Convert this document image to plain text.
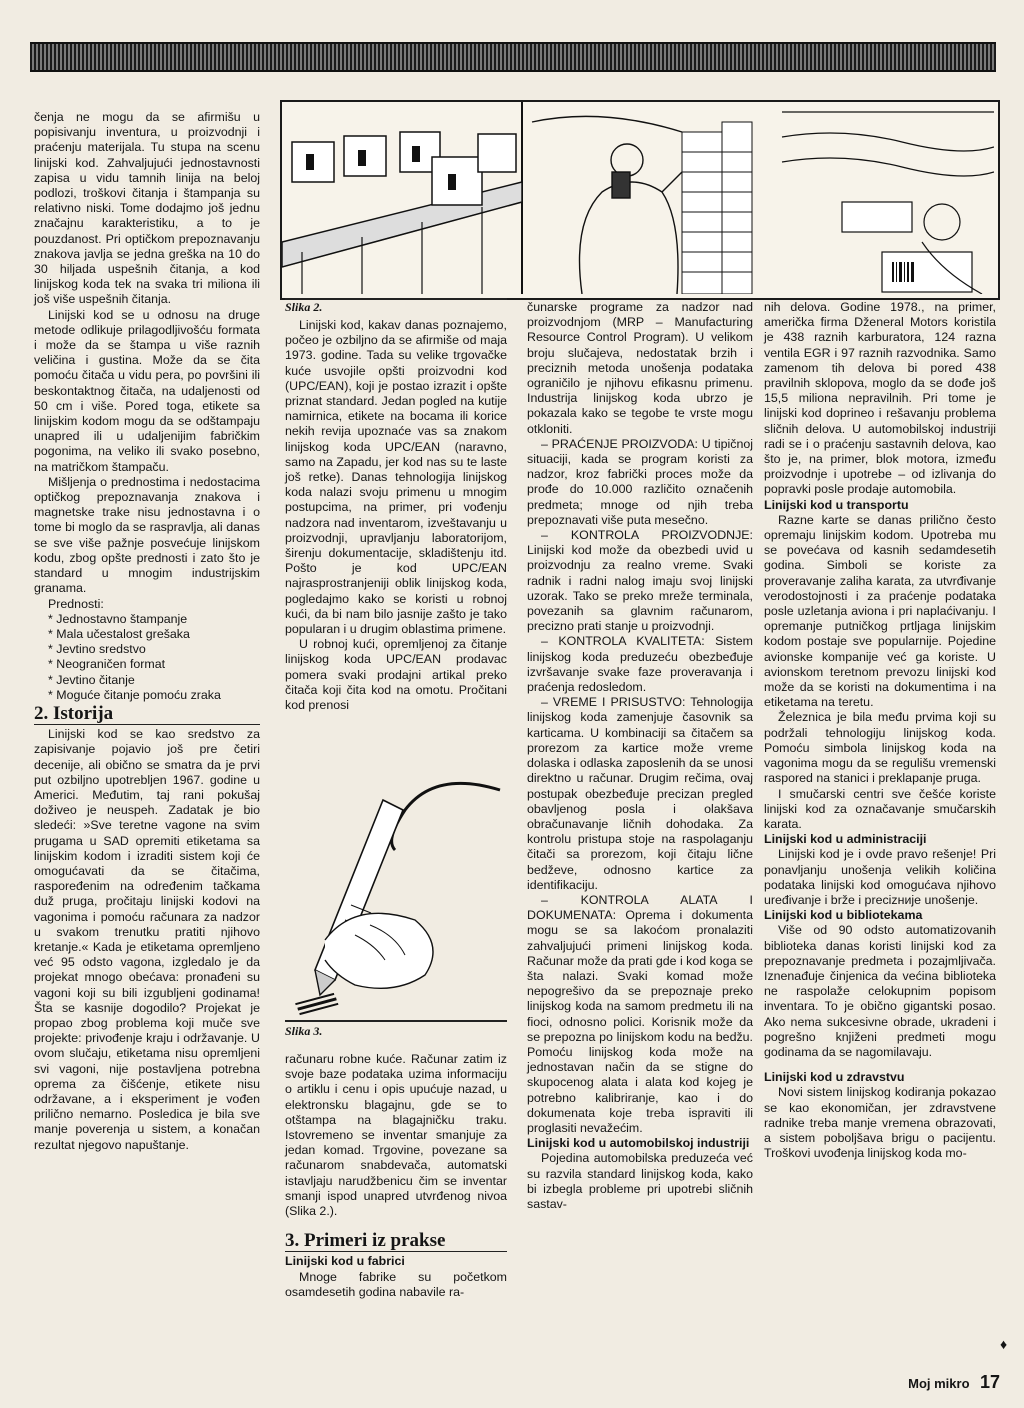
Slika 2.

čenja ne mogu da se afirmišu u popisivanju inventura, u proizvodnji i praćenju materijala. Tu stupa na scenu linijski kod. Zahvaljujući jednostavnosti zapisa u vidu tamnih linija na beloj podlozi, troškovi čitanja i štampanja su relativno niski. Tome dodajmo još jednu značajnu karakteristiku, a to je pouzdanost. Pri optičkom prepoznavanju znakova javlja se jedna greška na 10 do 30 hiljada uspešnih čitanja, a kod linijskog koda tek na svaka tri miliona ili još više uspešnih čitanja.

Linijski kod se u odnosu na druge metode odlikuje prilagodljivošću formata i može da se štampa u više raznih veličina i gustina. Može da se čita pomoću čitača u vidu pera, po površini ili beskontaktnog čitača, na udaljenosti od 50 cm i više. Pored toga, etikete sa linijskim kodom mogu da se odštampaju unapred ili u udaljenijim fabričkim pogonima, na veliko ili svako posebno, na matričkom štampaču.

Mišljenja o prednostima i nedostacima optičkog prepoznavanja znakova i magnetske trake nisu jednostavna i o tome bi moglo da se raspravlja, ali danas se sve više pažnje posvećuje linijskom kodu, zbog opšte prednosti i zato što je standard u mnogim industrijskim granama.

Prednosti:

* Jednostavno štampanje
* Mala učestalost grešaka
* Jevtino sredstvo
* Neograničen format
* Jevtino čitanje
* Moguće čitanje pomoću zraka
2. Istorija

Linijski kod se kao sredstvo za zapisivanje pojavio još pre četiri decenije, ali obično se smatra da je prvi put ozbiljno upotrebljen 1967. godine u Americi. Međutim, taj rani pokušaj doživeo je neuspeh. Zadatak je bio sledeći: »Sve teretne vagone na svim prugama u SAD opremiti etiketama sa linijskim kodom i izraditi sistem koji će omogućavati da se čitačima, raspoređenim na određenim tačkama duž pruga, pročitaju linijski kodovi na vagonima i pomoću računara za nadzor u svakom trenutku pratiti njihovo kretanje.« Kada je etiketama opremljeno već 95 odsto vagona, izgledalo je da projekat mnogo obećava: pronađeni su vagoni koji su bili izgubljeni godinama! Šta se kasnije dogodilo? Projekat je propao zbog problema koji muče sve projekte: privođenje kraju i održavanje. U ovom slučaju, etiketama nisu opremljeni svi vagoni, nije postavljena potrebna oprema za čišćenje, etikete nisu održavane, a i eksperiment je vođen prilično nemarno. Posledica je bila sve manje poverenja u sistem, a konačan rezultat njegovo napuštanje.

Linijski kod, kakav danas poznajemo, počeo je ozbiljno da se afirmiše od maja 1973. godine. Tada su velike trgovačke kuće usvojile opšti proizvodni kod (UPC/EAN), koji je postao izrazit i opšte priznat standard. Jedan pogled na kutije namirnica, etikete na bocama ili korice nekih revija upoznaće vas sa znakom linijskog koda UPC/EAN (naravno, samo na Zapadu, jer kod nas su te laste još retke). Danas tehnologija linijskog koda nalazi svoju primenu u mnogim postupcima, na primer, pri vođenju nadzora nad inventarom, izveštavanju u proizvodnji, upravljanju laboratorijom, širenju dokumentacije, skladištenju itd. Pošto je kod UPC/EAN najrasprostranjeniji oblik linijskog koda, pogledajmo kako se koristi u robnoj kući, da bi nam bilo jasnije zašto je tako popularan i u drugim oblastima primene.

U robnoj kući, opremljenoj za čitanje linijskog koda UPC/EAN prodavac pomera svaki prodajni artikal preko čitača koji čita kod na omotu. Pročitani kod prenosi

Slika 3.

računaru robne kuće. Računar zatim iz svoje baze podataka uzima informaciju o artiklu i cenu i opis upućuje nazad, u elektronsku blagajnu, gde se to otštampa na blagajničku traku. Istovremeno se inventar smanjuje za jedan komad. Trgovine, povezane sa računarom snabdevača, automatski istavljaju narudžbenicu čim se inventar smanji ispod unapred utvrđenog nivoa (Slika 2.).

3. Primeri iz prakse

Linijski kod u fabrici

Mnoge fabrike su početkom osamdesetih godina nabavile ra-

čunarske programe za nadzor nad proizvodnjom (MRP – Manufacturing Resource Control Program). U velikom broju slučajeva, nedostatak brzih i preciznih metoda unošenja podataka ograničilo je njihovu efikasnu primenu. Industrija linijskog koda ubrzo je pokazala kako se tegobe te vrste mogu otkloniti.

– PRAĆENJE PROIZVODA: U tipičnoj situaciji, kada se program koristi za nadzor, kroz fabrički proces može da prođe do 10.000 različito označenih predmeta; mnoge od njih treba prepoznavati više puta mesečno.

– KONTROLA PROIZVODNJE: Linijski kod može da obezbedi uvid u proizvodnju za realno vreme. Svaki radnik i radni nalog imaju svoj linijski uzorak. Tako se preko mreže terminala, povezanih sa glavnim računarom, precizno prati stanje u proizvodnji.

– KONTROLA KVALITETA: Sistem linijskog koda preduzeću obezbeđuje izvršavanje svake faze proveravanja i praćenja redosledom.

– VREME I PRISUSTVO: Tehnologija linijskog koda zamenjuje časovnik sa karticama. U kombinaciji sa čitačem sa prorezom za kartice može vreme dolaska i odlaska zaposlenih da se unosi direktno u računar. Drugim rečima, ovaj postupak obezbeđuje precizan pregled obavljenog posla i olakšava obračunavanje ličnih dohodaka. Za kontrolu pristupa stoje na raspolaganju čitači sa prorezom, koji čitaju lične bedževe, odnosno kartice za identifikaciju.

– KONTROLA ALATA I DOKUMENATA: Oprema i dokumenta mogu se sa lakoćom pronalaziti zahvaljujući primeni linijskog koda. Računar može da prati gde i kod koga se šta nalazi. Svaki komad može nepogrešivo da se prepoznaje preko linijskog koda na samom predmetu ili na fioci, odnosno polici. Korisnik može da se prepozna po linijskom kodu na bedžu. Pomoću linijskog koda može na jednostavan način da se stigne do skupocenog alata i alata kod kojeg je potrebno kalibriranje, kao i do dokumenata koje treba ispraviti ili proglasiti nevažećim.

Linijski kod u automobilskoj industriji

Pojedina automobilska preduzeća već su razvila standard linijskog koda, kako bi izbegla probleme pri upotrebi sličnih sastav-

nih delova. Godine 1978., na primer, američka firma Dženeral Motors koristila je 438 raznih karburatora, 124 razna ventila EGR i 97 raznih razvodnika. Samo zamenom tih delova bi pored 438 pravilnih sklopova, moglo da se dođe još 15,5 miliona nepravilnih. Pri tome je linijski kod doprineo i rešavanju problema sličnih delova. U automobilskoj industriji radi se i o praćenju sastavnih delova, kao što je, na primer, blok motora, između proizvodnje i upotrebe – od izlivanja do popravki posle prodaje automobila.

Linijski kod u transportu

Razne karte se danas prilično često opremaju linijskim kodom. Upotreba mu se povećava od kasnih sedamdesetih godina. Simboli se koriste za proveravanje zaliha karata, za utvrđivanje verodostojnosti i za praćenje podataka posle uzletanja aviona i pri naplaćivanju. I opremanje putničkog prtljaga linijskim kodom postaje sve popularnije. Pojedine avionske kompanije već ga koriste. U avionskom teretnom prevozu linijski kod može da se koristi na dokumentima i na etiketama na teretu.

Železnica je bila među prvima koji su podržali tehnologiju linijskog koda. Pomoću simbola linijskog koda na vagonima mogu da se regulišu vremenski raspored na stanici i preklapanje pruga.

I smučarski centri sve češće koriste linijski kod za označavanje smučarskih karata.

Linijski kod u administraciji

Linijski kod je i ovde pravo rešenje! Pri ponavljanju unošenja velikih količina podataka linijski kod omogućava njihovo uređivanje i brže i precizније unošenje.

Linijski kod u bibliotekama

Više od 90 odsto automatizovanih biblioteka danas koristi linijski kod za prepoznavanje predmeta i pozajmljivača. Iznenađuje činjenica da većina biblioteka ne raspolaže celokupnim popisom inventara. To je obično gigantski posao. Ako nema sukcesivne obrade, ukradeni i pogrešno knjiženi predmeti mogu godinama da se nagomilavaju.

Linijski kod u zdravstvu

Novi sistem linijskog kodiranja pokazao se kao ekonomičan, jer zdravstvene radnike treba manje vremena obrazovati, a sistem poboljšava brigu o pacijentu. Troškovi uvođenja linijskog koda mo-

♦
Moj mikro 17
